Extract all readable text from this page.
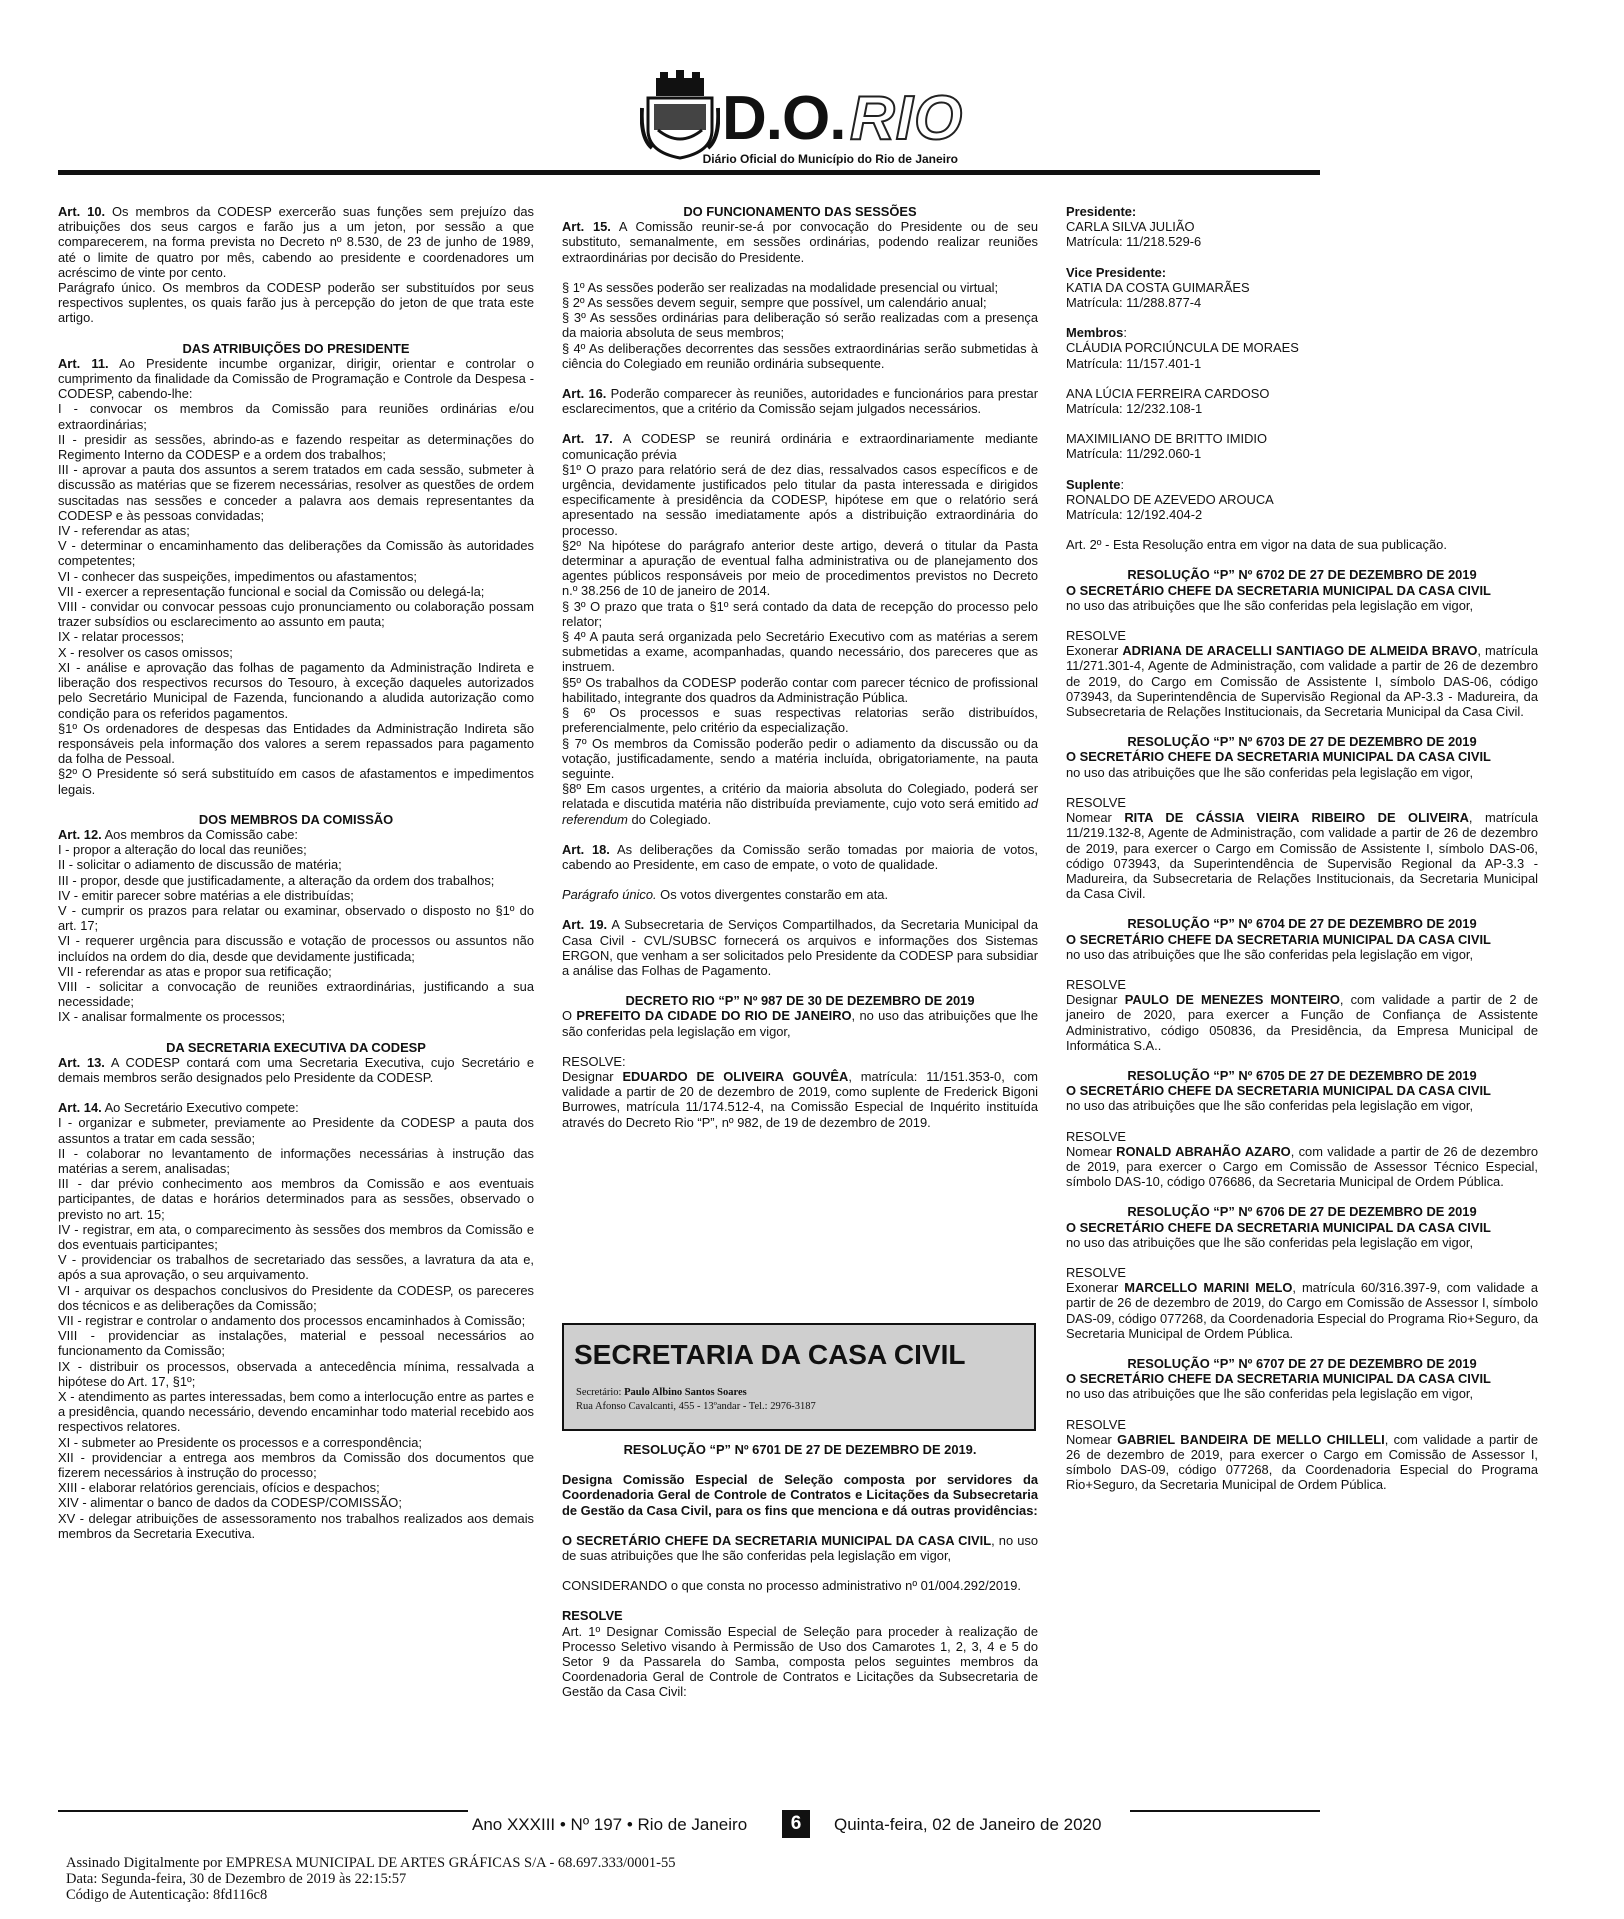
D.O. RIO
Diário Oficial do Município do Rio de Janeiro

Art. 10. Os membros da CODESP exercerão suas funções sem prejuízo das atribuições dos seus cargos e farão jus a um jeton, por sessão a que comparecerem, na forma prevista no Decreto nº 8.530, de 23 de junho de 1989, até o limite de quatro por mês, cabendo ao presidente e coordenadores um acréscimo de vinte por cento.

Parágrafo único. Os membros da CODESP poderão ser substituídos por seus respectivos suplentes, os quais farão jus à percepção do jeton de que trata este artigo.

DAS ATRIBUIÇÕES DO PRESIDENTE

Art. 11. Ao Presidente incumbe organizar, dirigir, orientar e controlar o cumprimento da finalidade da Comissão de Programação e Controle da Despesa - CODESP, cabendo-lhe:

I - convocar os membros da Comissão para reuniões ordinárias e/ou extraordinárias;

II - presidir as sessões, abrindo-as e fazendo respeitar as determinações do Regimento Interno da CODESP e a ordem dos trabalhos;

III - aprovar a pauta dos assuntos a serem tratados em cada sessão, submeter à discussão as matérias que se fizerem necessárias, resolver as questões de ordem suscitadas nas sessões e conceder a palavra aos demais representantes da CODESP e às pessoas convidadas;

IV - referendar as atas;

V - determinar o encaminhamento das deliberações da Comissão às autoridades competentes;

VI - conhecer das suspeições, impedimentos ou afastamentos;

VII - exercer a representação funcional e social da Comissão ou delegá-la;

VIII - convidar ou convocar pessoas cujo pronunciamento ou colaboração possam trazer subsídios ou esclarecimento ao assunto em pauta;

IX - relatar processos;

X - resolver os casos omissos;

XI - análise e aprovação das folhas de pagamento da Administração Indireta e liberação dos respectivos recursos do Tesouro, à exceção daqueles autorizados pelo Secretário Municipal de Fazenda, funcionando a aludida autorização como condição para os referidos pagamentos.

§1º Os ordenadores de despesas das Entidades da Administração Indireta são responsáveis pela informação dos valores a serem repassados para pagamento da folha de Pessoal.

§2º O Presidente só será substituído em casos de afastamentos e impedimentos legais.

DOS MEMBROS DA COMISSÃO

Art. 12. Aos membros da Comissão cabe:

I - propor a alteração do local das reuniões;

II - solicitar o adiamento de discussão de matéria;

III - propor, desde que justificadamente, a alteração da ordem dos trabalhos;

IV - emitir parecer sobre matérias a ele distribuídas;

V - cumprir os prazos para relatar ou examinar, observado o disposto no §1º do art. 17;

VI - requerer urgência para discussão e votação de processos ou assuntos não incluídos na ordem do dia, desde que devidamente justificada;

VII - referendar as atas e propor sua retificação;

VIII - solicitar a convocação de reuniões extraordinárias, justificando a sua necessidade;

IX - analisar formalmente os processos;

DA SECRETARIA EXECUTIVA DA CODESP

Art. 13. A CODESP contará com uma Secretaria Executiva, cujo Secretário e demais membros serão designados pelo Presidente da CODESP.

Art. 14. Ao Secretário Executivo compete:

I - organizar e submeter, previamente ao Presidente da CODESP a pauta dos assuntos a tratar em cada sessão;

II - colaborar no levantamento de informações necessárias à instrução das matérias a serem, analisadas;

III - dar prévio conhecimento aos membros da Comissão e aos eventuais participantes, de datas e horários determinados para as sessões, observado o previsto no art. 15;

IV - registrar, em ata, o comparecimento às sessões dos membros da Comissão e dos eventuais participantes;

V - providenciar os trabalhos de secretariado das sessões, a lavratura da ata e, após a sua aprovação, o seu arquivamento.

VI - arquivar os despachos conclusivos do Presidente da CODESP, os pareceres dos técnicos e as deliberações da Comissão;

VII - registrar e controlar o andamento dos processos encaminhados à Comissão;

VIII - providenciar as instalações, material e pessoal necessários ao funcionamento da Comissão;

IX - distribuir os processos, observada a antecedência mínima, ressalvada a hipótese do Art. 17, §1º;

X - atendimento as partes interessadas, bem como a interlocução entre as partes e a presidência, quando necessário, devendo encaminhar todo material recebido aos respectivos relatores.

XI - submeter ao Presidente os processos e a correspondência;

XII - providenciar a entrega aos membros da Comissão dos documentos que fizerem necessários à instrução do processo;

XIII - elaborar relatórios gerenciais, ofícios e despachos;

XIV - alimentar o banco de dados da CODESP/COMISSÃO;

XV - delegar atribuições de assessoramento nos trabalhos realizados aos demais membros da Secretaria Executiva.

DO FUNCIONAMENTO DAS SESSÕES

Art. 15. A Comissão reunir-se-á por convocação do Presidente ou de seu substituto, semanalmente, em sessões ordinárias, podendo realizar reuniões extraordinárias por decisão do Presidente.

§ 1º As sessões poderão ser realizadas na modalidade presencial ou virtual;

§ 2º As sessões devem seguir, sempre que possível, um calendário anual;

§ 3º As sessões ordinárias para deliberação só serão realizadas com a presença da maioria absoluta de seus membros;

§ 4º As deliberações decorrentes das sessões extraordinárias serão submetidas à ciência do Colegiado em reunião ordinária subsequente.

Art. 16. Poderão comparecer às reuniões, autoridades e funcionários para prestar esclarecimentos, que a critério da Comissão sejam julgados necessários.

Art. 17. A CODESP se reunirá ordinária e extraordinariamente mediante comunicação prévia

§1º O prazo para relatório será de dez dias, ressalvados casos específicos e de urgência, devidamente justificados pelo titular da pasta interessada e dirigidos especificamente à presidência da CODESP, hipótese em que o relatório será apresentado na sessão imediatamente após a distribuição extraordinária do processo.

§2º Na hipótese do parágrafo anterior deste artigo, deverá o titular da Pasta determinar a apuração de eventual falha administrativa ou de planejamento dos agentes públicos responsáveis por meio de procedimentos previstos no Decreto n.º 38.256 de 10 de janeiro de 2014.

§ 3º O prazo que trata o §1º será contado da data de recepção do processo pelo relator;

§ 4º A pauta será organizada pelo Secretário Executivo com as matérias a serem submetidas a exame, acompanhadas, quando necessário, dos pareceres que as instruem.

§5º Os trabalhos da CODESP poderão contar com parecer técnico de profissional habilitado, integrante dos quadros da Administração Pública.

§ 6º Os processos e suas respectivas relatorias serão distribuídos, preferencialmente, pelo critério da especialização.

§ 7º Os membros da Comissão poderão pedir o adiamento da discussão ou da votação, justificadamente, sendo a matéria incluída, obrigatoriamente, na pauta seguinte.

§8º Em casos urgentes, a critério da maioria absoluta do Colegiado, poderá ser relatada e discutida matéria não distribuída previamente, cujo voto será emitido ad referendum do Colegiado.

Art. 18. As deliberações da Comissão serão tomadas por maioria de votos, cabendo ao Presidente, em caso de empate, o voto de qualidade.

Parágrafo único. Os votos divergentes constarão em ata.

Art. 19. A Subsecretaria de Serviços Compartilhados, da Secretaria Municipal da Casa Civil - CVL/SUBSC fornecerá os arquivos e informações dos Sistemas ERGON, que venham a ser solicitados pelo Presidente da CODESP para subsidiar a análise das Folhas de Pagamento.

DECRETO RIO “P” Nº 987 DE 30 DE DEZEMBRO DE 2019

O PREFEITO DA CIDADE DO RIO DE JANEIRO, no uso das atribuições que lhe são conferidas pela legislação em vigor,

RESOLVE:

Designar EDUARDO DE OLIVEIRA GOUVÊA, matrícula: 11/151.353-0, com validade a partir de 20 de dezembro de 2019, como suplente de Frederick Bigoni Burrowes, matrícula 11/174.512-4, na Comissão Especial de Inquérito instituída através do Decreto Rio “P”, nº 982, de 19 de dezembro de 2019.

SECRETARIA DA CASA CIVIL
Secretário: Paulo Albino Santos Soares
Rua Afonso Cavalcanti, 455 - 13ºandar - Tel.: 2976-3187

RESOLUÇÃO “P” Nº 6701 DE 27 DE DEZEMBRO DE 2019.

Designa Comissão Especial de Seleção composta por servidores da Coordenadoria Geral de Controle de Contratos e Licitações da Subsecretaria de Gestão da Casa Civil, para os fins que menciona e dá outras providências:

O SECRETÁRIO CHEFE DA SECRETARIA MUNICIPAL DA CASA CIVIL, no uso de suas atribuições que lhe são conferidas pela legislação em vigor,

CONSIDERANDO o que consta no processo administrativo nº 01/004.292/2019.

RESOLVE

Art. 1º Designar Comissão Especial de Seleção para proceder à realização de Processo Seletivo visando à Permissão de Uso dos Camarotes 1, 2, 3, 4 e 5 do Setor 9 da Passarela do Samba, composta pelos seguintes membros da Coordenadoria Geral de Controle de Contratos e Licitações da Subsecretaria de Gestão da Casa Civil:

Presidente:

CARLA SILVA JULIÃO

Matrícula: 11/218.529-6

Vice Presidente:

KATIA DA COSTA GUIMARÃES

Matrícula: 11/288.877-4

Membros:

CLÁUDIA PORCIÚNCULA DE MORAES

Matrícula: 11/157.401-1

ANA LÚCIA FERREIRA CARDOSO

Matrícula: 12/232.108-1

MAXIMILIANO DE BRITTO IMIDIO

Matrícula: 11/292.060-1

Suplente:

RONALDO DE AZEVEDO AROUCA

Matrícula: 12/192.404-2

Art. 2º - Esta Resolução entra em vigor na data de sua publicação.

RESOLUÇÃO “P” Nº 6702 DE 27 DE DEZEMBRO DE 2019

O SECRETÁRIO CHEFE DA SECRETARIA MUNICIPAL DA CASA CIVIL

no uso das atribuições que lhe são conferidas pela legislação em vigor,

RESOLVE

Exonerar ADRIANA DE ARACELLI SANTIAGO DE ALMEIDA BRAVO, matrícula 11/271.301-4, Agente de Administração, com validade a partir de 26 de dezembro de 2019, do Cargo em Comissão de Assistente I, símbolo DAS-06, código 073943, da Superintendência de Supervisão Regional da AP-3.3 - Madureira, da Subsecretaria de Relações Institucionais, da Secretaria Municipal da Casa Civil.

RESOLUÇÃO “P” Nº 6703 DE 27 DE DEZEMBRO DE 2019

O SECRETÁRIO CHEFE DA SECRETARIA MUNICIPAL DA CASA CIVIL

no uso das atribuições que lhe são conferidas pela legislação em vigor,

RESOLVE

Nomear RITA DE CÁSSIA VIEIRA RIBEIRO DE OLIVEIRA, matrícula 11/219.132-8, Agente de Administração, com validade a partir de 26 de dezembro de 2019, para exercer o Cargo em Comissão de Assistente I, símbolo DAS-06, código 073943, da Superintendência de Supervisão Regional da AP-3.3 - Madureira, da Subsecretaria de Relações Institucionais, da Secretaria Municipal da Casa Civil.

RESOLUÇÃO “P” Nº 6704 DE 27 DE DEZEMBRO DE 2019

O SECRETÁRIO CHEFE DA SECRETARIA MUNICIPAL DA CASA CIVIL

no uso das atribuições que lhe são conferidas pela legislação em vigor,

RESOLVE

Designar PAULO DE MENEZES MONTEIRO, com validade a partir de 2 de janeiro de 2020, para exercer a Função de Confiança de Assistente Administrativo, código 050836, da Presidência, da Empresa Municipal de Informática S.A..

RESOLUÇÃO “P” Nº 6705 DE 27 DE DEZEMBRO DE 2019

O SECRETÁRIO CHEFE DA SECRETARIA MUNICIPAL DA CASA CIVIL

no uso das atribuições que lhe são conferidas pela legislação em vigor,

RESOLVE

Nomear RONALD ABRAHÃO AZARO, com validade a partir de 26 de dezembro de 2019, para exercer o Cargo em Comissão de Assessor Técnico Especial, símbolo DAS-10, código 076686, da Secretaria Municipal de Ordem Pública.

RESOLUÇÃO “P” Nº 6706 DE 27 DE DEZEMBRO DE 2019

O SECRETÁRIO CHEFE DA SECRETARIA MUNICIPAL DA CASA CIVIL

no uso das atribuições que lhe são conferidas pela legislação em vigor,

RESOLVE

Exonerar MARCELLO MARINI MELO, matrícula 60/316.397-9, com validade a partir de 26 de dezembro de 2019, do Cargo em Comissão de Assessor I, símbolo DAS-09, código 077268, da Coordenadoria Especial do Programa Rio+Seguro, da Secretaria Municipal de Ordem Pública.

RESOLUÇÃO “P” Nº 6707 DE 27 DE DEZEMBRO DE 2019

O SECRETÁRIO CHEFE DA SECRETARIA MUNICIPAL DA CASA CIVIL

no uso das atribuições que lhe são conferidas pela legislação em vigor,

RESOLVE

Nomear GABRIEL BANDEIRA DE MELLO CHILLELI, com validade a partir de 26 de dezembro de 2019, para exercer o Cargo em Comissão de Assessor I, símbolo DAS-09, código 077268, da Coordenadoria Especial do Programa Rio+Seguro, da Secretaria Municipal de Ordem Pública.

Ano XXXIII • Nº 197 • Rio de Janeiro	6	Quinta-feira, 02 de Janeiro de 2020
Assinado Digitalmente por EMPRESA MUNICIPAL DE ARTES GRÁFICAS S/A - 68.697.333/0001-55
Data: Segunda-feira, 30 de Dezembro de 2019 às 22:15:57
Código de Autenticação: 8fd116c8
